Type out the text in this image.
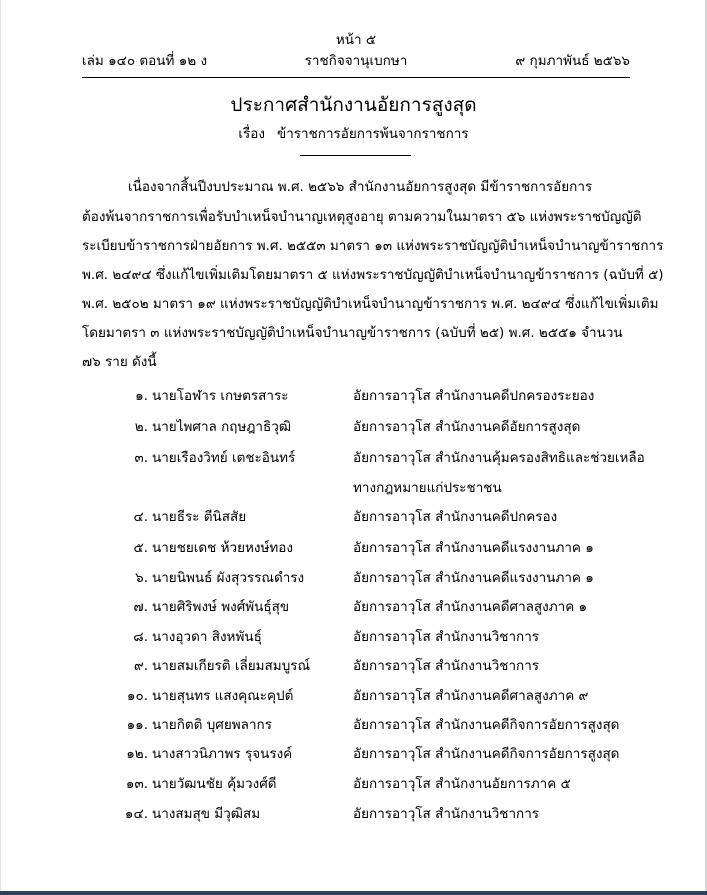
หน้า ๕
ราชกิจจานุเบกษา
เล่ม ๑๔๐ ตอนที่ ๑๒ ง	๙ กุมภาพันธ์ ๒๕๖๖
ประกาศสำนักงานอัยการสูงสุด
เรื่อง ข้าราชการอัยการพ้นจากราชการ
เนื่องจากสิ้นปีงบประมาณ พ.ศ. ๒๕๖๖ สำนักงานอัยการสูงสุด มีข้าราชการอัยการ
ต้องพ้นจากราชการเพื่อรับบำเหน็จบำนาญเหตุสูงอายุ ตามความในมาตรา ๕๖ แห่งพระราชบัญญัติ
ระเบียบข้าราชการฝ่ายอัยการ พ.ศ. ๒๕๕๓ มาตรา ๑๓ แห่งพระราชบัญญัติบำเหน็จบำนาญข้าราชการ
พ.ศ. ๒๔๙๔ ซึ่งแก้ไขเพิ่มเติมโดยมาตรา ๕ แห่งพระราชบัญญัติบำเหน็จบำนาญข้าราชการ (ฉบับที่ ๕)
พ.ศ. ๒๕๐๒ มาตรา ๑๙ แห่งพระราชบัญญัติบำเหน็จบำนาญข้าราชการ พ.ศ. ๒๔๙๔ ซึ่งแก้ไขเพิ่มเติม
โดยมาตรา ๓ แห่งพระราชบัญญัติบำเหน็จบำนาญข้าราชการ (ฉบับที่ ๒๕) พ.ศ. ๒๕๕๑ จำนวน
๗๖ ราย ดังนี้
๑. นายโอฬาร เกษตรสาระ	อัยการอาวุโส สำนักงานคดีปกครองระยอง
๒. นายไพศาล กฤษฎาธิวุฒิ	อัยการอาวุโส สำนักงานคดีอัยการสูงสุด
๓. นายเรืองวิทย์ เตชะอินทร์	อัยการอาวุโส สำนักงานคุ้มครองสิทธิและช่วยเหลือ
ทางกฎหมายแก่ประชาชน
๔. นายธีระ ตีนิสสัย	อัยการอาวุโส สำนักงานคดีปกครอง
๕. นายชยเดช ห้วยหงษ์ทอง	อัยการอาวุโส สำนักงานคดีแรงงานภาค ๑
๖. นายนิพนธ์ ผังสุวรรณดำรง	อัยการอาวุโส สำนักงานคดีแรงงานภาค ๑
๗. นายศิริพงษ์ พงศ์พันธุ์สุข	อัยการอาวุโส สำนักงานคดีศาลสูงภาค ๑
๘. นางอุวดา สิงหพันธุ์	อัยการอาวุโส สำนักงานวิชาการ
๙. นายสมเกียรติ เลี่ยมสมบูรณ์	อัยการอาวุโส สำนักงานวิชาการ
๑๐. นายสุนทร แสงคุณะคุปต์	อัยการอาวุโส สำนักงานคดีศาลสูงภาค ๙
๑๑. นายกิตติ บุศยพลากร	อัยการอาวุโส สำนักงานคดีกิจการอัยการสูงสุด
๑๒. นางสาวนิภาพร รุจนรงค์	อัยการอาวุโส สำนักงานคดีกิจการอัยการสูงสุด
๑๓. นายวัฒนชัย คุ้มวงศ์ดี	อัยการอาวุโส สำนักงานอัยการภาค ๕
๑๔. นางสมสุข มีวุฒิสม	อัยการอาวุโส สำนักงานวิชาการ
